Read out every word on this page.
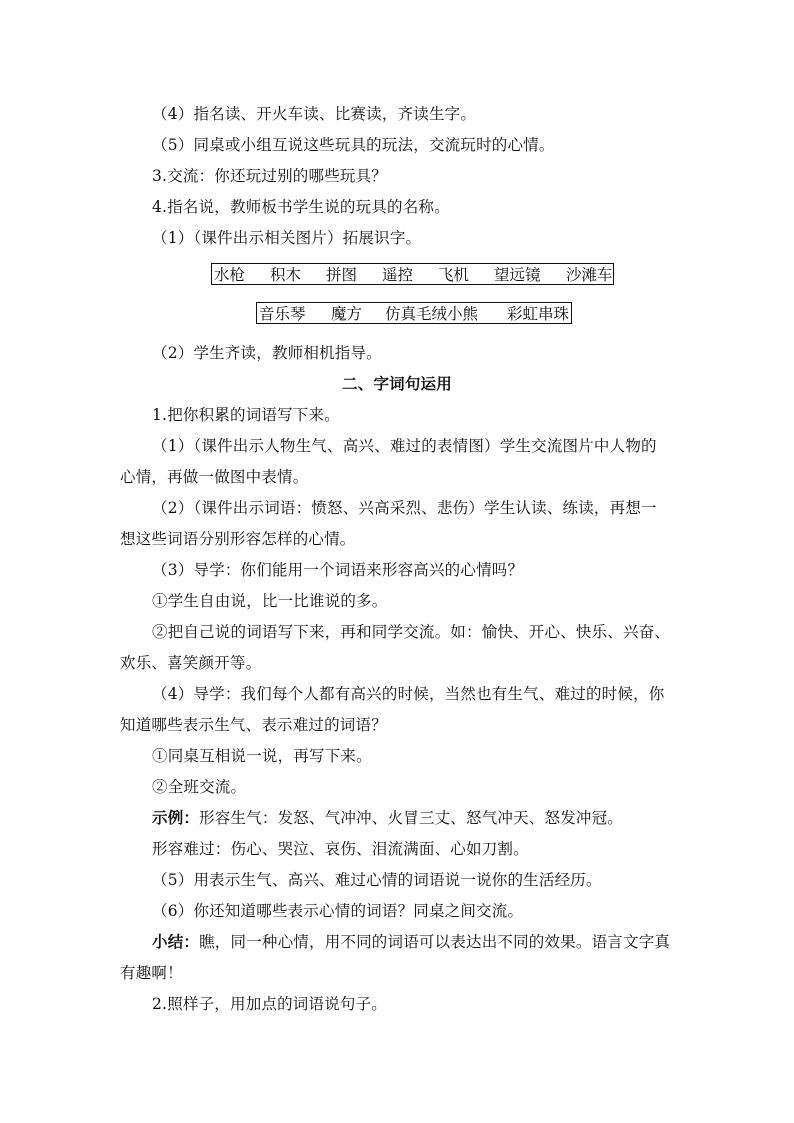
（4）指名读、开火车读、比赛读，齐读生字。
（5）同桌或小组互说这些玩具的玩法，交流玩时的心情。
3.交流：你还玩过别的哪些玩具？
4.指名说，教师板书学生说的玩具的名称。
（1）（课件出示相关图片）拓展识字。
水枪 积木 拼图 遥控 飞机 望远镜 沙滩车
音乐琴 魔方 仿真毛绒小熊 彩虹串珠
（2）学生齐读，教师相机指导。
二、字词句运用
1.把你积累的词语写下来。
（1）（课件出示人物生气、高兴、难过的表情图）学生交流图片中人物的
心情，再做一做图中表情。
（2）（课件出示词语：愤怒、兴高采烈、悲伤）学生认读、练读，再想一
想这些词语分别形容怎样的心情。
（3）导学：你们能用一个词语来形容高兴的心情吗？
①学生自由说，比一比谁说的多。
②把自己说的词语写下来，再和同学交流。如：愉快、开心、快乐、兴奋、
欢乐、喜笑颜开等。
（4）导学：我们每个人都有高兴的时候，当然也有生气、难过的时候，你
知道哪些表示生气、表示难过的词语？
①同桌互相说一说，再写下来。
②全班交流。
示例：形容生气：发怒、气冲冲、火冒三丈、怒气冲天、怒发冲冠。
形容难过：伤心、哭泣、哀伤、泪流满面、心如刀割。
（5）用表示生气、高兴、难过心情的词语说一说你的生活经历。
（6）你还知道哪些表示心情的词语？同桌之间交流。
小结：瞧，同一种心情，用不同的词语可以表达出不同的效果。语言文字真
有趣啊！
2.照样子，用加点的词语说句子。
